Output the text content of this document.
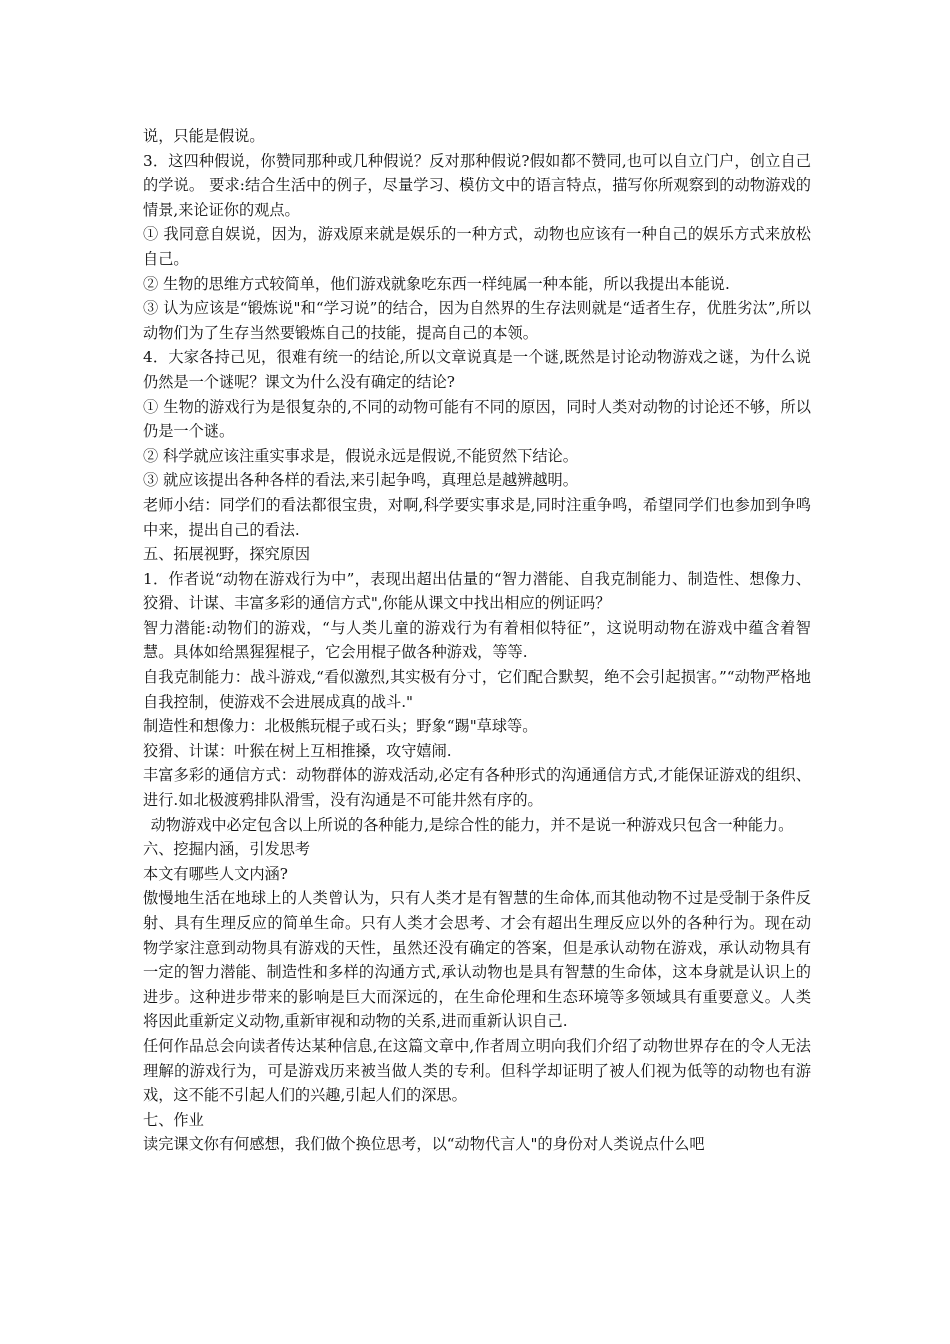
说，只能是假说。

3．这四种假说，你赞同那种或几种假说？反对那种假说?假如都不赞同,也可以自立门户，创立自己的学说。 要求:结合生活中的例子，尽量学习、模仿文中的语言特点，描写你所观察到的动物游戏的情景,来论证你的观点。

① 我同意自娱说，因为，游戏原来就是娱乐的一种方式，动物也应该有一种自己的娱乐方式来放松自己。

② 生物的思维方式较简单，他们游戏就象吃东西一样纯属一种本能，所以我提出本能说.

③ 认为应该是“锻炼说"和“学习说”的结合，因为自然界的生存法则就是“适者生存，优胜劣汰”,所以动物们为了生存当然要锻炼自己的技能，提高自己的本领。

4．大家各持己见，很难有统一的结论,所以文章说真是一个谜,既然是讨论动物游戏之谜，为什么说仍然是一个谜呢？课文为什么没有确定的结论?

① 生物的游戏行为是很复杂的,不同的动物可能有不同的原因，同时人类对动物的讨论还不够，所以仍是一个谜。

② 科学就应该注重实事求是，假说永远是假说,不能贸然下结论。

③ 就应该提出各种各样的看法,来引起争鸣，真理总是越辨越明。

老师小结：同学们的看法都很宝贵，对啊,科学要实事求是,同时注重争鸣，希望同学们也参加到争鸣中来，提出自己的看法.

五、拓展视野，探究原因

1．作者说“动物在游戏行为中”，表现出超出估量的“智力潜能、自我克制能力、制造性、想像力、狡猾、计谋、丰富多彩的通信方式",你能从课文中找出相应的例证吗？

智力潜能:动物们的游戏，“与人类儿童的游戏行为有着相似特征”，这说明动物在游戏中蕴含着智慧。具体如给黑猩猩棍子，它会用棍子做各种游戏，等等.

自我克制能力：战斗游戏,“看似激烈,其实极有分寸，它们配合默契，绝不会引起损害。”“动物严格地自我控制，使游戏不会进展成真的战斗."

制造性和想像力：北极熊玩棍子或石头；野象“踢"草球等。

狡猾、计谋：叶猴在树上互相推搡，攻守嬉闹.

丰富多彩的通信方式：动物群体的游戏活动,必定有各种形式的沟通通信方式,才能保证游戏的组织、进行.如北极渡鸦排队滑雪，没有沟通是不可能井然有序的。

动物游戏中必定包含以上所说的各种能力,是综合性的能力，并不是说一种游戏只包含一种能力。

六、挖掘内涵，引发思考

本文有哪些人文内涵?

傲慢地生活在地球上的人类曾认为，只有人类才是有智慧的生命体,而其他动物不过是受制于条件反射、具有生理反应的简单生命。只有人类才会思考、才会有超出生理反应以外的各种行为。现在动物学家注意到动物具有游戏的天性，虽然还没有确定的答案，但是承认动物在游戏，承认动物具有一定的智力潜能、制造性和多样的沟通方式,承认动物也是具有智慧的生命体，这本身就是认识上的进步。这种进步带来的影响是巨大而深远的，在生命伦理和生态环境等多领域具有重要意义。人类将因此重新定义动物,重新审视和动物的关系,进而重新认识自己.

任何作品总会向读者传达某种信息,在这篇文章中,作者周立明向我们介绍了动物世界存在的令人无法理解的游戏行为，可是游戏历来被当做人类的专利。但科学却证明了被人们视为低等的动物也有游戏，这不能不引起人们的兴趣,引起人们的深思。

七、作业

读完课文你有何感想，我们做个换位思考，以“动物代言人"的身份对人类说点什么吧
